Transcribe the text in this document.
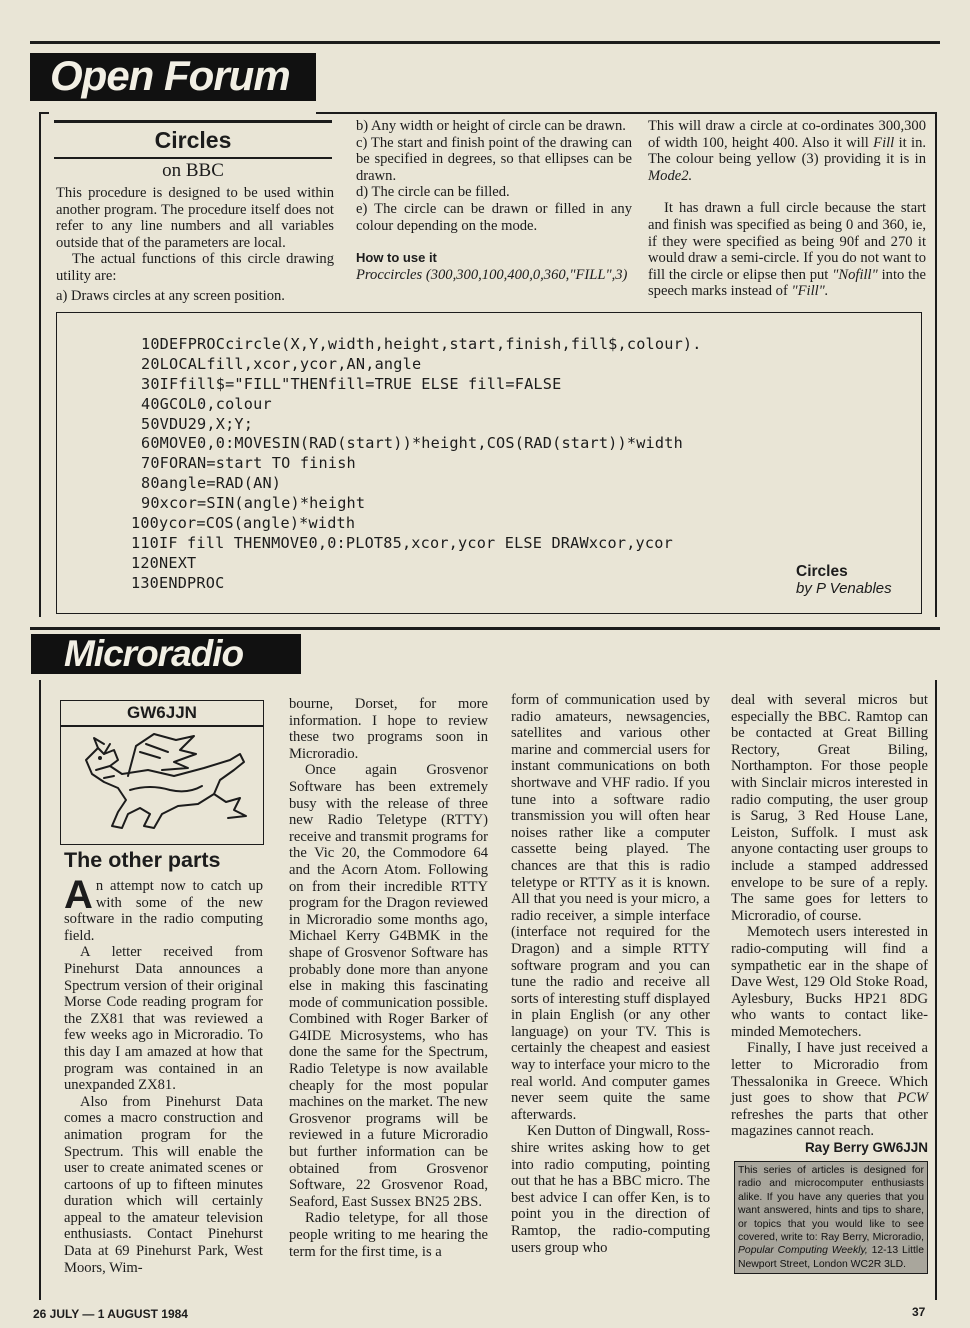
Open Forum
Circles
on BBC

This procedure is designed to be used within another program. The procedure itself does not refer to any line numbers and all variables outside that of the parameters are local.

The actual functions of this circle drawing utility are:

a) Draws circles at any screen position.

b) Any width or height of circle can be drawn.

c) The start and finish point of the drawing can be specified in degrees, so that ellipses can be drawn.

d) The circle can be filled.

e) The circle can be drawn or filled in any colour depending on the mode.

How to use it

Proccircles (300,300,100,400,0,360,"FILL",3)

This will draw a circle at co-ordinates 300,300 of width 100, height 400. Also it will Fill it in. The colour being yellow (3) providing it is in Mode2.

It has drawn a full circle because the start and finish was specified as being 0 and 360, ie, if they were specified as being 90f and 270 it would draw a semi-circle. If you do not want to fill the circle or elipse then put "Nofill" into the speech marks instead of "Fill".

10DEFPROCcircle(X,Y,width,height,start,finish,fill$,colour).
20LOCALfill,xcor,ycor,AN,angle
30IFfill$="FILL"THENfill=TRUE ELSE fill=FALSE
40GCOL0,colour
50VDU29,X;Y;
60MOVE0,0:MOVESIN(RAD(start))*height,COS(RAD(start))*width
70FORAN=start TO finish
80angle=RAD(AN)
90xcor=SIN(angle)*height
100ycor=COS(angle)*width
110IF fill THENMOVE0,0:PLOT85,xcor,ycor ELSE DRAWxcor,ycor
120NEXT
130ENDPROC
Circles
by P Venables
Microradio
GW6JJN
The other parts

An attempt now to catch up with some of the new software in the radio computing field.

A letter received from Pinehurst Data announces a Spectrum version of their original Morse Code reading program for the ZX81 that was reviewed a few weeks ago in Microradio. To this day I am amazed at how that program was contained in an unexpanded ZX81.

Also from Pinehurst Data comes a macro construction and animation program for the Spectrum. This will enable the user to create animated scenes or cartoons of up to fifteen minutes duration which will certainly appeal to the amateur television enthusiasts. Contact Pinehurst Data at 69 Pinehurst Park, West Moors, Wim-

bourne, Dorset, for more information. I hope to review these two programs soon in Microradio.

Once again Grosvenor Software has been extremely busy with the release of three new Radio Teletype (RTTY) receive and transmit programs for the Vic 20, the Commodore 64 and the Acorn Atom. Following on from their incredible RTTY program for the Dragon reviewed in Microradio some months ago, Michael Kerry G4BMK in the shape of Grosvenor Software has probably done more than anyone else in making this fascinating mode of communication possible. Combined with Roger Barker of G4IDE Microsystems, who has done the same for the Spectrum, Radio Teletype is now available cheaply for the most popular machines on the market. The new Grosvenor programs will be reviewed in a future Microradio but further information can be obtained from Grosvenor Software, 22 Grosvenor Road, Seaford, East Sussex BN25 2BS.

Radio teletype, for all those people writing to me hearing the term for the first time, is a

form of communication used by radio amateurs, newsagencies, satellites and various other marine and commercial users for instant communications on both shortwave and VHF radio. If you tune into a software radio transmission you will often hear noises rather like a computer cassette being played. The chances are that this is radio teletype or RTTY as it is known. All that you need is your micro, a radio receiver, a simple interface (interface not required for the Dragon) and a simple RTTY software program and you can tune the radio and receive all sorts of interesting stuff displayed in plain English (or any other language) on your TV. This is certainly the cheapest and easiest way to interface your micro to the real world. And computer games never seem quite the same afterwards.

Ken Dutton of Dingwall, Ross-shire writes asking how to get into radio computing, pointing out that he has a BBC micro. The best advice I can offer Ken, is to point you in the direction of Ramtop, the radio-computing users group who

deal with several micros but especially the BBC. Ramtop can be contacted at Great Billing Rectory, Great Biling, Northampton. For those people with Sinclair micros interested in radio computing, the user group is Sarug, 3 Red House Lane, Leiston, Suffolk. I must ask anyone contacting user groups to include a stamped addressed envelope to be sure of a reply. The same goes for letters to Microradio, of course.

Memotech users interested in radio-computing will find a sympathetic ear in the shape of Dave West, 129 Old Stoke Road, Aylesbury, Bucks HP21 8DG who wants to contact like-minded Memotechers.

Finally, I have just received a letter to Microradio from Thessalonika in Greece. Which just goes to show that PCW refreshes the parts that other magazines cannot reach.

Ray Berry GW6JJN

This series of articles is designed for radio and microcomputer enthusiasts alike. If you have any queries that you want answered, hints and tips to share, or topics that you would like to see covered, write to: Ray Berry, Microradio, Popular Computing Weekly, 12-13 Little Newport Street, London WC2R 3LD.
26 JULY — 1 AUGUST 1984	37
